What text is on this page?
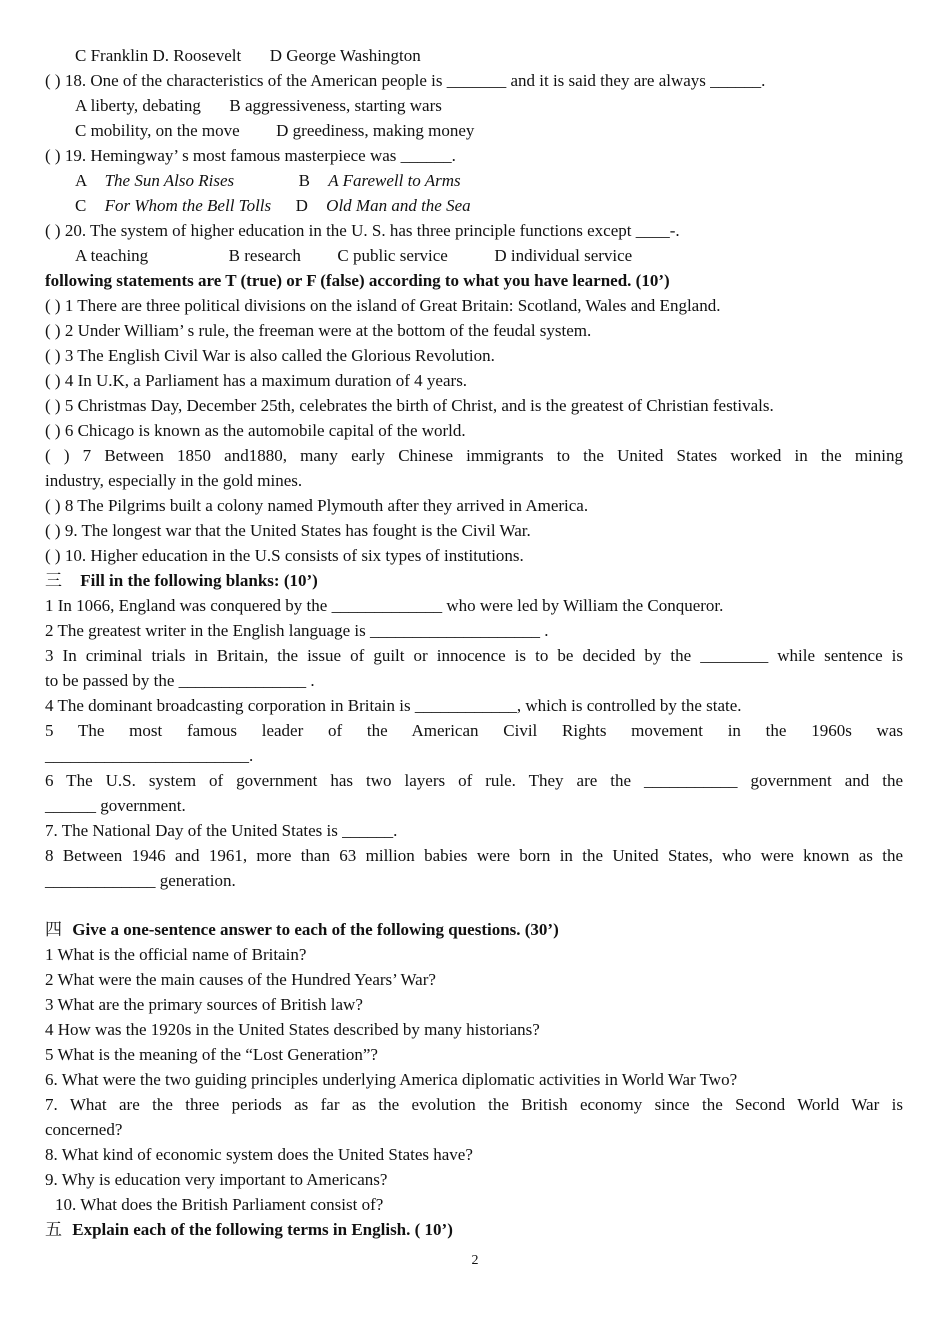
C Franklin D. Roosevelt D George Washington
( ) 18. One of the characteristics of the American people is _______ and it is said they are always ______.
A liberty, debating B aggressiveness, starting wars
C mobility, on the move D greediness, making money
( ) 19. Hemingway’ s most famous masterpiece was ______.
A The Sun Also Rises	B A Farewell to Arms
C For Whom the Bell Tolls D Old Man and the Sea
( ) 20. The system of higher education in the U. S. has three principle functions except ____-.
A teaching	B research C public service	D individual service
following statements are T (true) or F (false) according to what you have learned. (10’)
( ) 1 There are three political divisions on the island of Great Britain: Scotland, Wales and England.
( ) 2 Under William’ s rule, the freeman were at the bottom of the feudal system.
( ) 3 The English Civil War is also called the Glorious Revolution.
( ) 4 In U.K, a Parliament has a maximum duration of 4 years.
( ) 5 Christmas Day, December 25th, celebrates the birth of Christ, and is the greatest of Christian festivals.
( ) 6 Chicago is known as the automobile capital of the world.
( ) 7 Between 1850 and1880, many early Chinese immigrants to the United States worked in the mining
industry, especially in the gold mines.
( ) 8 The Pilgrims built a colony named Plymouth after they arrived in America.
( ) 9. The longest war that the United States has fought is the Civil War.
( ) 10. Higher education in the U.S consists of six types of institutions.
三 Fill in the following blanks: (10’)
1 In 1066, England was conquered by the _____________ who were led by William the Conqueror.
2 The greatest writer in the English language is ____________________ .
3 In criminal trials in Britain, the issue of guilt or innocence is to be decided by the ________ while sentence is
to be passed by the _______________ .
4 The dominant broadcasting corporation in Britain is ____________, which is controlled by the state.
5 The most famous leader of the American Civil Rights movement in the 1960s was
________________________.
6 The U.S. system of government has two layers of rule. They are the ___________ government and the
______ government.
7. The National Day of the United States is ______.
8 Between 1946 and 1961, more than 63 million babies were born in the United States, who were known as the
_____________ generation.
四 Give a one-sentence answer to each of the following questions. (30’)
1 What is the official name of Britain?
2 What were the main causes of the Hundred Years’ War?
3 What are the primary sources of British law?
4 How was the 1920s in the United States described by many historians?
5 What is the meaning of the “Lost Generation”?
6. What were the two guiding principles underlying America diplomatic activities in World War Two?
7. What are the three periods as far as the evolution the British economy since the Second World War is
concerned?
8. What kind of economic system does the United States have?
9. Why is education very important to Americans?
10. What does the British Parliament consist of?
五 Explain each of the following terms in English. ( 10’)
2
